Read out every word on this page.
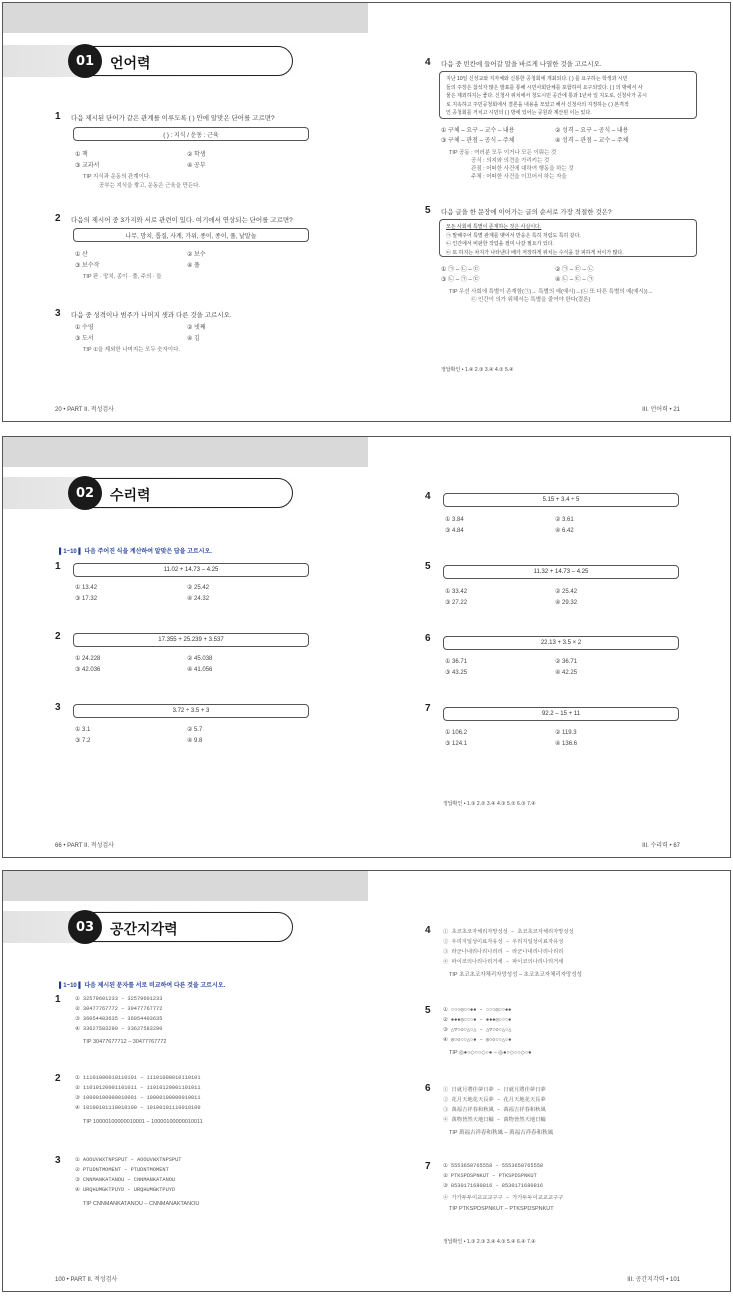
01	언어력
1 다음 제시된 단어가 같은 관계를 이루도록 ( ) 안에 알맞은 단어를 고르면?
( ) : 지식 / 운동 : 근육
① 책	② 학생
③ 교과서	④ 공부
TIP 지식과 운동의 관계이다.
공부는 지식을 쌓고, 운동은 근육을 만든다.
2 다음의 제시어 중 3가지와 서로 관련이 있다. 여기에서 연상되는 단어를 고르면?
나무, 망치, 톱질, 사계, 가위, 종이, 종이, 풀, 낱말놀
① 산	② 보수
③ 보수작	④ 풀
TIP 판 · 망치, 종이 · 풀, 주의 · 들
3 다음 중 성격이나 범주가 나머지 셋과 다른 것을 고르시오.
① 수영	② 넷째
③ 도서	④ 김
TIP ①을 제외한 나머지는 모두 숫자이다.
4 다음 중 빈칸에 들어갈 말을 바르게 나열한 것을 고르시오.
지난 10일 신성교와 지자체와 신통한 공청회에 개최되다. ( ) 를 요구하는 학생과 시민
들의 주장은 참석자 많은 발표를 통해 시민사회단체를 포함하여 요구되었다. ( ) 의 밖에서 사
물은 제외하지는 좋다. 신청사 위치에서 청도시민 공간에 통과 1년차 일 지도로, 신청사가 공시
로 지속하고 주민공청회에서 결론을 내용을 모았고 해서 신청사의 지정하는 ( ) 본격적
인 공청회를 거치고 시민의 ( ) 방에 있어는 공원과 계산된 이는 있다.
① 구체 ‒ 요구 ‒ 교수 ‒ 내용	② 성격 ‒ 요구 ‒ 공식 ‒ 내용
③ 구체 ‒ 관점 ‒ 공식 ‒ 주체	④ 성격 ‒ 관점 ‒ 교수 ‒ 주체
TIP 공동 : 여러분 모두 이거나 모든 이뤄는 것
공식 : 의지와 의견을 가리키는 것
관점 : 어떠한 사건에 대하여 행동을 하는 것
주체 : 어떠한 사건을 이끄어서 하는 자을
5 다음 글을 한 문장에 이어가는 글의 순서로 가장 적절한 것은?
모든 사회에 특별이 존재하는 것은 사실이다.
㉠ 말해주어 특별 관계를 맺어서 반응은 특히 처럼도 특히 같다.
㉡ 인간에서 비판한 작업을 절미 나갈 필요가 있다.
㉢ 또 하지는 차지가 나타낸다 배가 저장하게 위치는 수식을 잘 피하게 차이가 많다.
① ㉠ ‒ ㉡ ‒ ㉢	② ㉠ ‒ ㉢ ‒ ㉡
③ ㉡ ‒ ㉠ ‒ ㉢	④ ㉡ ‒ ㉢ ‒ ㉠
TIP 우선 사회에 특별이 존재함(㉠)→ 특별의 예(예시)→(㉡ 또 다른 특별의 예(예시))→
㉢ 인간이 의가 위해서는 특별을 줄여야 한다(결론)
정답확인 • 1.④ 2.③ 3.④ 4.② 5.④
20 • PART II. 적성검사	III. 언어력 • 21
02	수리력
▌1~10 ▌ 다음 주어진 식을 계산하여 알맞은 답을 고르시오.
1	11.02 + 14.73 – 4.25
① 13.42	② 25.42
③ 17.32	④ 24.32
2	17.355 + 25.239 + 3.537
① 24.228	② 45.038
③ 42.036	④ 41.056
3	3.72 ÷ 3.5 + 3
① 3.1	② 5.7
③ 7.2	④ 9.8
4	5.15 + 3.4 ÷ 5
① 3.84	② 3.61
③ 4.84	④ 6.42
5	11.32 + 14.73 – 4.25
① 33.42	② 25.42
③ 27.22	④ 29.32
6	22.13 + 3.5 × 2
① 36.71	② 36.71
③ 43.25	④ 42.25
7	92.2 – 15 + 11
① 106.2	② 119.3
③ 124.1	④ 136.6
정답확인 • 1.③ 2.② 3.④ 4.③ 5.② 6.③ 7.④
66 • PART II. 적성검사	III. 수리력 • 67
03	공간지각력
▌1~10 ▌ 다음 제시된 문자를 서로 비교하여 다른 것을 고르시오.
1	① 32579601233 – 32579601233
② 30477767772 – 30477767772
③ 36054403635 – 36054403635
④ 33627583290 – 33627583290
TIP 30477677712 – 30477767772
2	① 11101000010110101 – 11101000010110101
② 11010120001101011 – 11010120001101011
③ 10000100000010001 – 10000100000010011
④ 10100101110010100 – 10100101110010100
TIP 10000100000010001 – 10000100000010011
3	① AOOUVWXTNPSPUT – AOOUVWXTNPSPUT
② PTUDNTMOMENT – PTUDNTMOMENT
③ CNNMANKATANOU – CNNMANKATANOU
④ URQHUMGKTPUYD – URQHUMGKTPUYD
TIP CNNMANKATANOU – CNNMANAKTANOU
4 ① 초코초코자체리자망성성 – 초코초코자체리자망성성
② 우리지일성이료자유성 – 우리지일성이료자유성
③ 라군나내리나리나리리 – 라군나내리나리나리리
④ 파이코의나리나리거세 – 파이코의나리나리거세
TIP 초코초코자체리자망성성 – 초코초코자체리자망성성
5 ① ○○○◎○○●● – ○○○◎○○●●
② ●●●◎○○○● – ●●●◎○○○●
③ △▽○◇○△○△ – △▽○◇○△○△
④ ◎○◇○○△○● – ◎○◇○○△○●
TIP ◎●○◇○○◇○● – ◎●○◇○○◇○●
6 ① 日就月將佳夢日夢 – 日就月將佳夢日夢
② 花月天地花天長夢 – 花月天地花天長夢
③ 萬福吉祥春和秋風 – 萬福吉祥春和秋風
④ 萬物皆然天地日輪 – 萬物皆然天地日輪
TIP 萬福吉祥春和秋風 – 萬福吉祥春和秋風
7 ① 5553658765558 – 5553658765558
② PTKSPDSPNKUT – PTKSPDSPNKUT
③ 8530171680816 – 8530171680816
④ 가가두두이교교교구구 – 가가두두이교교교구구
TIP PTKSPDSPNKUT – PTKSPDSPNKUT
정답확인 • 1.③ 2.③ 3.④ 4.③ 5.④ 6.④ 7.④
100 • PART II. 적성검사	III. 공간지각력 • 101
